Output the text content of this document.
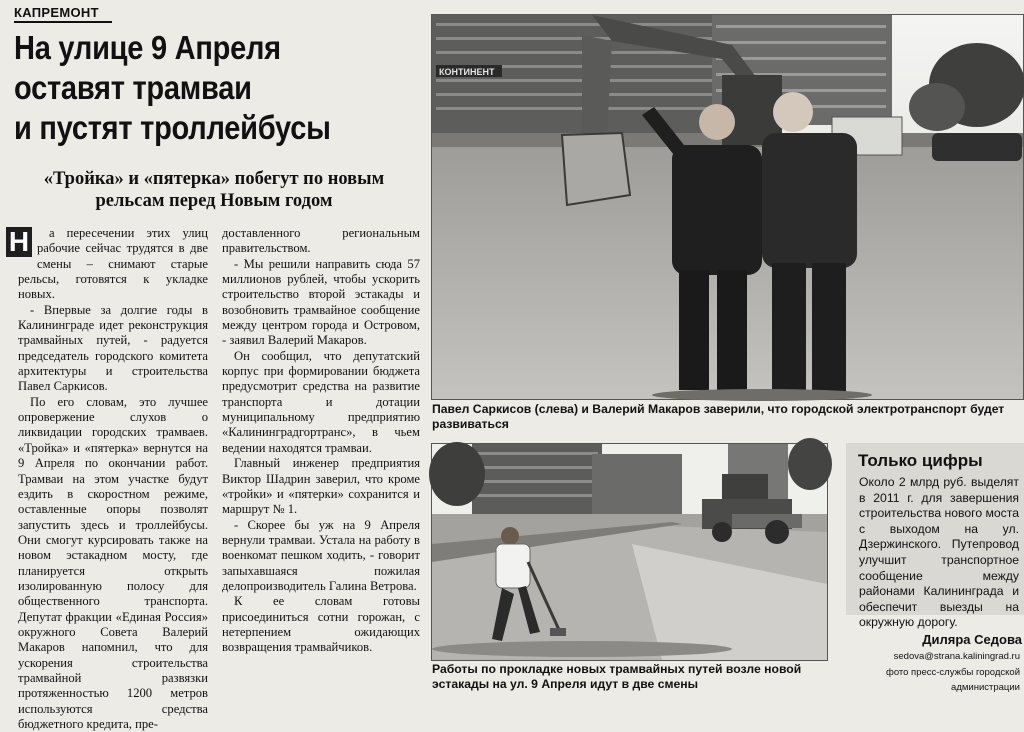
КАПРЕМОНТ
На улице 9 Апреля
оставят трамваи
и пустят троллейбусы
«Тройка» и «пятерка» побегут по новым рельсам перед Новым годом

Н а пересечении этих улиц рабочие сейчас трудятся в две смены – снимают старые рельсы, готовятся к укладке новых.

- Впервые за долгие годы в Калининграде идет реконструкция трамвайных путей, - радуется председатель городского комитета архитектуры и строительства Павел Саркисов.

По его словам, это лучшее опровержение слухов о ликвидации городских трамваев. «Тройка» и «пятерка» вернутся на 9 Апреля по окончании работ. Трамваи на этом участке будут ездить в скоростном режиме, оставленные опоры позволят запустить здесь и троллейбусы. Они смогут курсировать также на новом эстакадном мосту, где планируется открыть изолированную полосу для общественного транспорта. Депутат фракции «Единая Россия» окружного Совета Валерий Макаров напомнил, что для ускорения строительства трамвайной развязки протяженностью 1200 метров используются средства бюджетного кредита, пре-

доставленного региональным правительством.

- Мы решили направить сюда 57 миллионов рублей, чтобы ускорить строительство второй эстакады и возобновить трамвайное сообщение между центром города и Островом, - заявил Валерий Макаров.

Он сообщил, что депутатский корпус при формировании бюджета предусмотрит средства на развитие транспорта и дотации муниципальному предприятию «Калининградгортранс», в чьем ведении находятся трамваи.

Главный инженер предприятия Виктор Шадрин заверил, что кроме «тройки» и «пятерки» сохранится и маршрут № 1.

- Скорее бы уж на 9 Апреля вернули трамваи. Устала на работу в военкомат пешком ходить, - говорит запыхавшаяся пожилая делопроизводитель Галина Ветрова.

К ее словам готовы присоединиться сотни горожан, с нетерпением ожидающих возвращения трамвайчиков.

КОНТИНЕНТ
Павел Саркисов (слева) и Валерий Макаров заверили, что городской электротранспорт будет развиваться
Работы по прокладке новых трамвайных путей возле новой эстакады на ул. 9 Апреля идут в две смены
Только цифры
Около 2 млрд руб. выделят в 2011 г. для завершения строительства нового моста с выходом на ул. Дзержинского. Путепровод улучшит транспортное сообщение между районами Калининграда и обеспечит выезды на окружную дорогу.
Диляра Седова
sedova@strana.kaliningrad.ru
фото пресс-службы городской
администрации
